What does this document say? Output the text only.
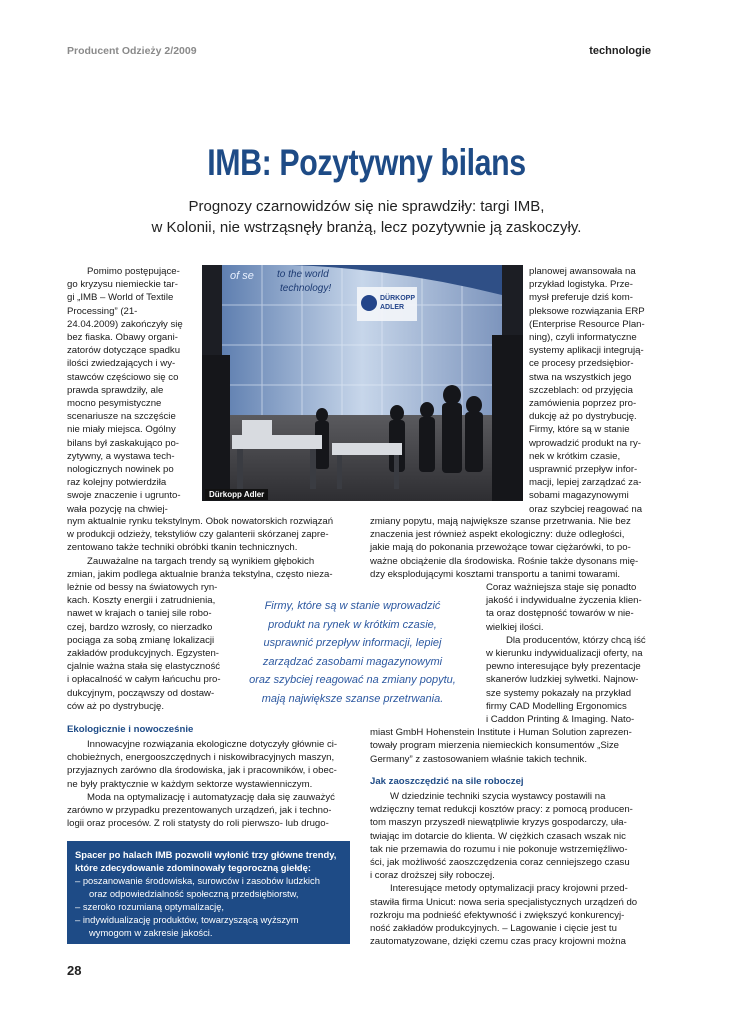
Producent Odzieży 2/2009	technologie
IMB: Pozytywny bilans
Prognozy czarnowidzów się nie sprawdziły: targi IMB,
w Kolonii, nie wstrząsnęły branżą, lecz pozytywnie ją zaskoczyły.
Pomimo postępujące-
go kryzysu niemieckie tar-
gi „IMB – World of Textile
Processing” (21-
24.04.2009) zakończyły się
bez fiaska. Obawy organi-
zatorów dotyczące spadku
ilości zwiedzających i wy-
stawców częściowo się co
prawda sprawdziły, ale
mocno pesymistyczne
scenariusze na szczęście
nie miały miejsca. Ogólny
bilans był zaskakująco po-
zytywny, a wystawa tech-
nologicznych nowinek po
raz kolejny potwierdziła
swoje znaczenie i ugrunto-
wała pozycję na chwiej-
of se to the world
technology!
DÜRKOPP
ADLER
Dürkopp Adler
planowej awansowała na
przykład logistyka. Prze-
mysł preferuje dziś kom-
pleksowe rozwiązania ERP
(Enterprise Resource Plan-
ning), czyli informatyczne
systemy aplikacji integrują-
ce procesy przedsiębior-
stwa na wszystkich jego
szczeblach: od przyjęcia
zamówienia poprzez pro-
dukcję aż po dystrybucję.
Firmy, które są w stanie
wprowadzić produkt na ry-
nek w krótkim czasie,
usprawnić przepływ infor-
macji, lepiej zarządzać za-
sobami magazynowymi
oraz szybciej reagować na
nym aktualnie rynku tekstylnym. Obok nowatorskich rozwiązań
w produkcji odzieży, tekstyliów czy galanterii skórzanej zapre-
zentowano także techniki obróbki tkanin technicznych.
Zauważalne na targach trendy są wynikiem głębokich
zmian, jakim podlega aktualnie branża tekstylna, często nieza-
leżnie od bessy na światowych ryn-
kach. Koszty energii i zatrudnienia,
nawet w krajach o taniej sile robo-
czej, bardzo wzrosły, co nierzadko
pociąga za sobą zmianę lokalizacji
zakładów produkcyjnych. Egzysten-
cjalnie ważna stała się elastyczność
i opłacalność w całym łańcuchu pro-
dukcyjnym, począwszy od dostaw-
ców aż po dystrybucję.
zmiany popytu, mają największe szanse przetrwania. Nie bez
znaczenia jest również aspekt ekologiczny: duże odległości,
jakie mają do pokonania przewożące towar ciężarówki, to po-
ważne obciążenie dla środowiska. Rośnie także dysonans mię-
dzy eksplodującymi kosztami transportu a tanimi towarami.
Coraz ważniejsza staje się ponadto
jakość i indywidualne życzenia klien-
ta oraz dostępność towarów w nie-
wielkiej ilości.
Dla producentów, którzy chcą iść
w kierunku indywidualizacji oferty, na
pewno interesujące były prezentacje
skanerów ludzkiej sylwetki. Najnow-
sze systemy pokazały na przykład
firmy CAD Modelling Ergonomics
i Caddon Printing & Imaging. Nato-
miast GmbH Hohenstein Institute i Human Solution zaprezen-
towały program mierzenia niemieckich konsumentów „Size
Germany” z zastosowaniem właśnie takich technik.
Firmy, które są w stanie wprowadzić
produkt na rynek w krótkim czasie,
usprawnić przepływ informacji, lepiej
zarządzać zasobami magazynowymi
oraz szybciej reagować na zmiany popytu,
mają największe szanse przetrwania.
Ekologicznie i nowocześnie
Innowacyjne rozwiązania ekologiczne dotyczyły głównie ci-
chobieżnych, energooszczędnych i niskowibracyjnych maszyn,
przyjaznych zarówno dla środowiska, jak i pracowników, i obec-
ne były praktycznie w każdym sektorze wystawienniczym.
Moda na optymalizację i automatyzację dała się zauważyć
zarówno w przypadku prezentowanych urządzeń, jak i techno-
logii oraz procesów. Z roli statysty do roli pierwszo- lub drugo-
Jak zaoszczędzić na sile roboczej
W dziedzinie techniki szycia wystawcy postawili na
wdzięczny temat redukcji kosztów pracy: z pomocą producen-
tom maszyn przyszedł niewątpliwie kryzys gospodarczy, uła-
twiając im dotarcie do klienta. W ciężkich czasach wszak nic
tak nie przemawia do rozumu i nie pokonuje wstrzemięźliwo-
ści, jak możliwość zaoszczędzenia coraz cenniejszego czasu
i coraz droższej siły roboczej.
Interesujące metody optymalizacji pracy krojowni przed-
stawiła firma Unicut: nowa seria specjalistycznych urządzeń do
rozkroju ma podnieść efektywność i zwiększyć konkurencyj-
ność zakładów produkcyjnych. – Lagowanie i cięcie jest tu
zautomatyzowane, dzięki czemu czas pracy krojowni można
Spacer po halach IMB pozwolił wyłonić trzy główne trendy,
które zdecydowanie zdominowały tegoroczną giełdę:
– poszanowanie środowiska, surowców i zasobów ludzkich
oraz odpowiedzialność społeczną przedsiębiorstw,
– szeroko rozumianą optymalizację,
– indywidualizację produktów, towarzyszącą wyższym
wymogom w zakresie jakości.
28
